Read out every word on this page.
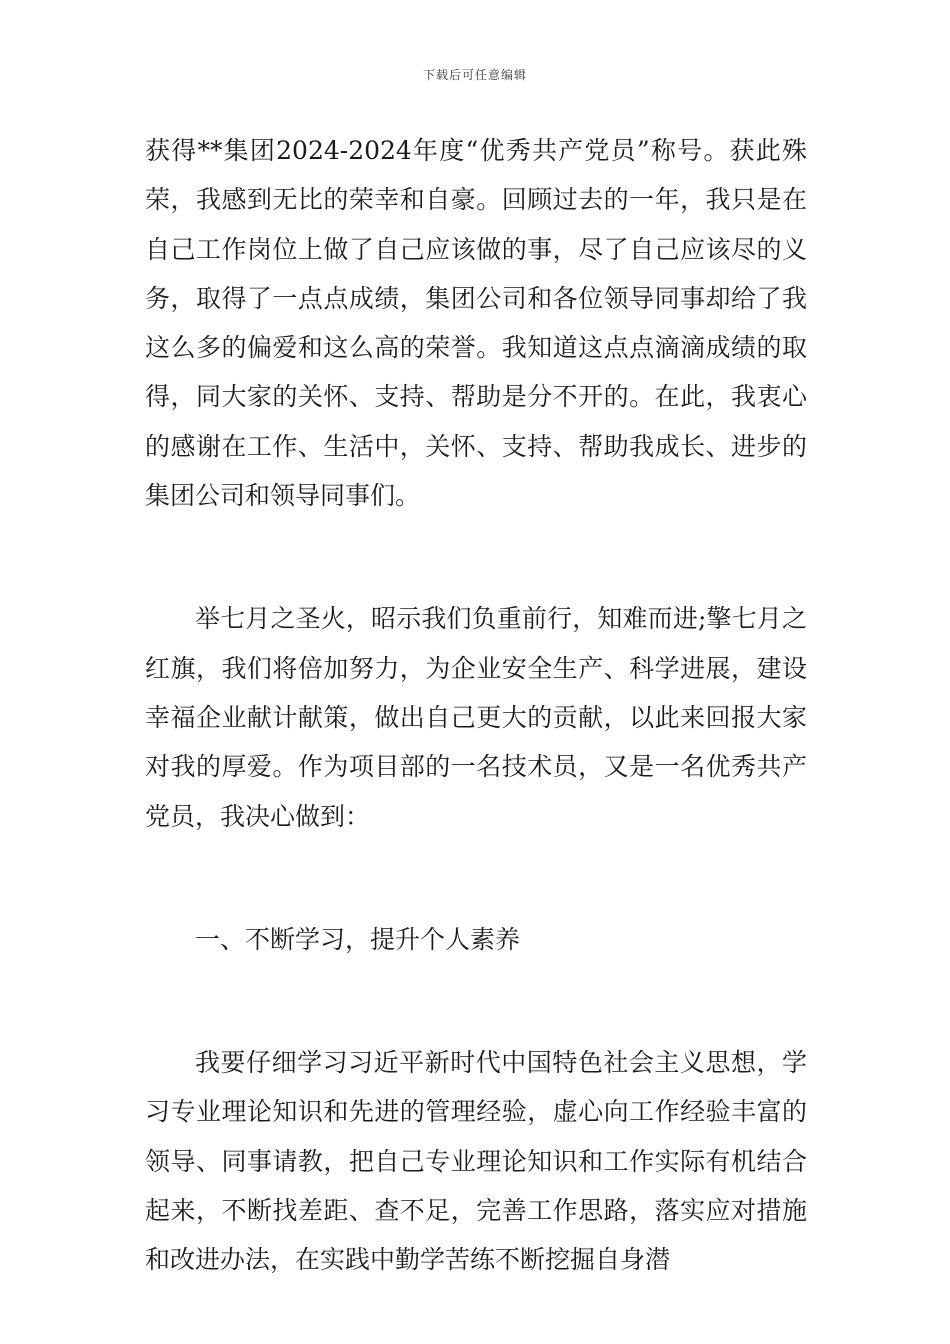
下载后可任意编辑

获得**集团2024-2024年度“优秀共产党员”称号。获此殊荣，我感到无比的荣幸和自豪。回顾过去的一年，我只是在自己工作岗位上做了自己应该做的事，尽了自己应该尽的义务，取得了一点点成绩，集团公司和各位领导同事却给了我这么多的偏爱和这么高的荣誉。我知道这点点滴滴成绩的取得，同大家的关怀、支持、帮助是分不开的。在此，我衷心的感谢在工作、生活中，关怀、支持、帮助我成长、进步的集团公司和领导同事们。

举七月之圣火，昭示我们负重前行，知难而进;擎七月之红旗，我们将倍加努力，为企业安全生产、科学进展，建设幸福企业献计献策，做出自己更大的贡献，以此来回报大家对我的厚爱。作为项目部的一名技术员，又是一名优秀共产党员，我决心做到：

一、不断学习，提升个人素养

我要仔细学习习近平新时代中国特色社会主义思想，学习专业理论知识和先进的管理经验，虚心向工作经验丰富的领导、同事请教，把自己专业理论知识和工作实际有机结合起来，不断找差距、查不足，完善工作思路，落实应对措施和改进办法，在实践中勤学苦练不断挖掘自身潜
